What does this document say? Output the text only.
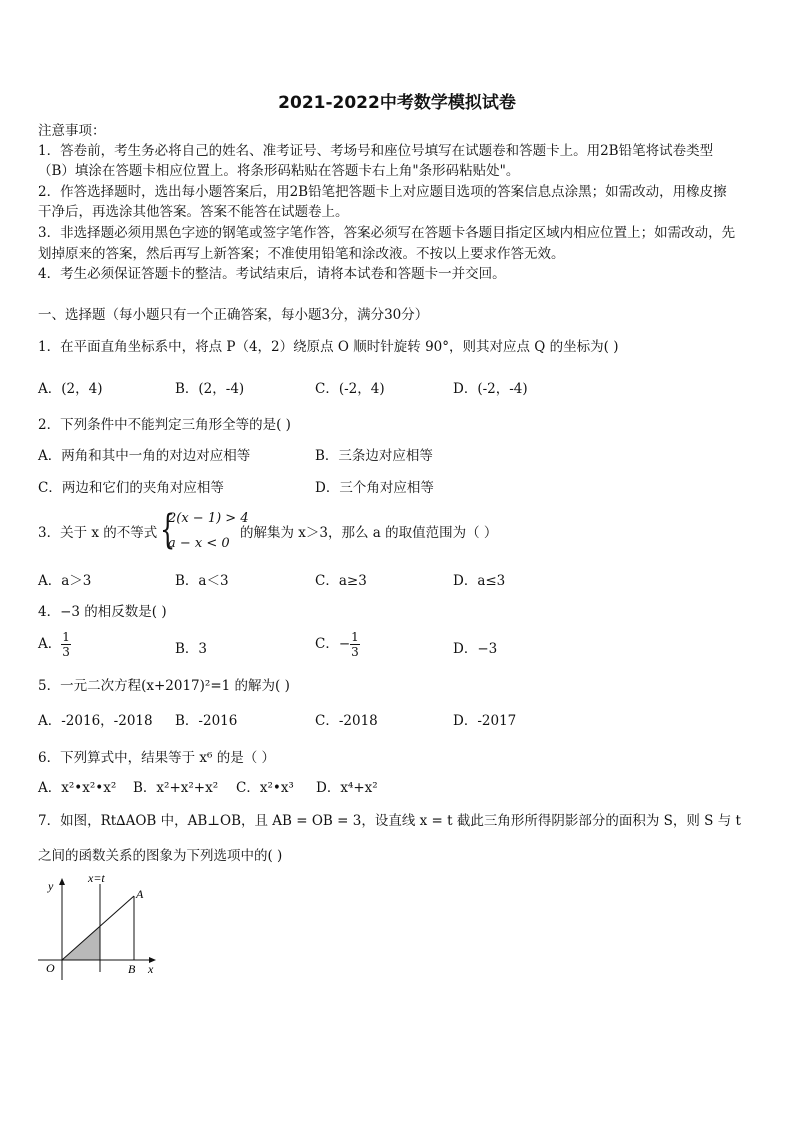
2021-2022中考数学模拟试卷
注意事项：
1．答卷前，考生务必将自己的姓名、准考证号、考场号和座位号填写在试题卷和答题卡上。用2B铅笔将试卷类型
（B）填涂在答题卡相应位置上。将条形码粘贴在答题卡右上角"条形码粘贴处"。
2．作答选择题时，选出每小题答案后，用2B铅笔把答题卡上对应题目选项的答案信息点涂黑；如需改动，用橡皮擦
干净后，再选涂其他答案。答案不能答在试题卷上。
3．非选择题必须用黑色字迹的钢笔或签字笔作答，答案必须写在答题卡各题目指定区域内相应位置上；如需改动，先
划掉原来的答案，然后再写上新答案；不准使用铅笔和涂改液。不按以上要求作答无效。
4．考生必须保证答题卡的整洁。考试结束后，请将本试卷和答题卡一并交回。
一、选择题（每小题只有一个正确答案，每小题3分，满分30分）
1．在平面直角坐标系中，将点 P（4，2）绕原点 O 顺时针旋转 90°，则其对应点 Q 的坐标为( )
A．(2，4)	B．(2，-4)	C．(-2，4)	D．(-2，-4)
2．下列条件中不能判定三角形全等的是( )
A．两角和其中一角的对边对应相等	B．三条边对应相等
C．两边和它们的夹角对应相等	D．三个角对应相等
3．关于 x 的不等式 {
2(x − 1) > 4
a − x < 0
的解集为 x＞3，那么 a 的取值范围为（ ）
A．a＞3	B．a＜3	C．a≥3	D．a≤3
4．−3 的相反数是( )
A． $\frac{1}{3}$	B．3	C．− $\frac{1}{3}$	D．−3
5．一元二次方程(x+2017)²=1 的解为( )
A．-2016，-2018 B．-2016	C．-2018	D．-2017
6．下列算式中，结果等于 x⁶ 的是（ ）
A．x²•x²•x² B．x²+x²+x² C．x²•x³ D．x⁴+x²
7．如图，Rt∆AOB 中，AB⊥OB，且 AB = OB = 3，设直线 x = t 截此三角形所得阴影部分的面积为 S，则 S 与 t
之间的函数关系的图象为下列选项中的( )
y
x=t
A
O	B x
